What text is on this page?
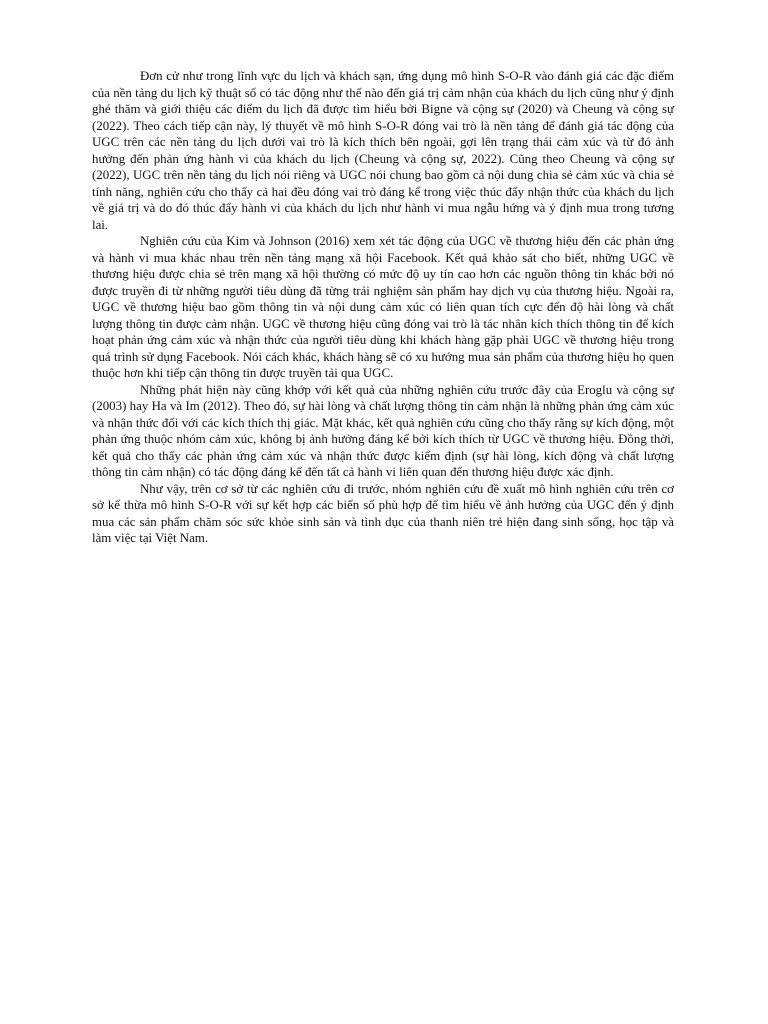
Đơn cử như trong lĩnh vực du lịch và khách sạn, ứng dụng mô hình S-O-R vào đánh giá các đặc điểm của nền tảng du lịch kỹ thuật số có tác động như thế nào đến giá trị cảm nhận của khách du lịch cũng như ý định ghé thăm và giới thiệu các điểm du lịch đã được tìm hiểu bởi Bigne và cộng sự (2020) và Cheung và cộng sự (2022). Theo cách tiếp cận này, lý thuyết về mô hình S-O-R đóng vai trò là nền tảng để đánh giá tác động của UGC trên các nền tảng du lịch dưới vai trò là kích thích bên ngoài, gợi lên trạng thái cảm xúc và từ đó ảnh hưởng đến phản ứng hành vi của khách du lịch (Cheung và cộng sự, 2022). Cũng theo Cheung và cộng sự (2022), UGC trên nền tảng du lịch nói riêng và UGC nói chung bao gồm cả nội dung chia sẻ cảm xúc và chia sẻ tính năng, nghiên cứu cho thấy cả hai đều đóng vai trò đáng kể trong việc thúc đẩy nhận thức của khách du lịch về giá trị và do đó thúc đẩy hành vi của khách du lịch như hành vi mua ngẫu hứng và ý định mua trong tương lai.

Nghiên cứu của Kim và Johnson (2016) xem xét tác động của UGC về thương hiệu đến các phản ứng và hành vi mua khác nhau trên nền tảng mạng xã hội Facebook. Kết quả khảo sát cho biết, những UGC về thương hiệu được chia sẻ trên mạng xã hội thường có mức độ uy tín cao hơn các nguồn thông tin khác bởi nó được truyền đi từ những người tiêu dùng đã từng trải nghiệm sản phẩm hay dịch vụ của thương hiệu. Ngoài ra, UGC về thương hiệu bao gồm thông tin và nội dung cảm xúc có liên quan tích cực đến độ hài lòng và chất lượng thông tin được cảm nhận. UGC về thương hiệu cũng đóng vai trò là tác nhân kích thích thông tin để kích hoạt phản ứng cảm xúc và nhận thức của người tiêu dùng khi khách hàng gặp phải UGC về thương hiệu trong quá trình sử dụng Facebook. Nói cách khác, khách hàng sẽ có xu hướng mua sản phẩm của thương hiệu họ quen thuộc hơn khi tiếp cận thông tin được truyền tải qua UGC.

Những phát hiện này cũng khớp với kết quả của những nghiên cứu trước đây của Eroglu và cộng sự (2003) hay Ha và Im (2012). Theo đó, sự hài lòng và chất lượng thông tin cảm nhận là những phản ứng cảm xúc và nhận thức đối với các kích thích thị giác. Mặt khác, kết quả nghiên cứu cũng cho thấy rằng sự kích động, một phản ứng thuộc nhóm cảm xúc, không bị ảnh hưởng đáng kể bởi kích thích từ UGC về thương hiệu. Đồng thời, kết quả cho thấy các phản ứng cảm xúc và nhận thức được kiểm định (sự hài lòng, kích động và chất lượng thông tin cảm nhận) có tác động đáng kể đến tất cả hành vi liên quan đến thương hiệu được xác định.

Như vậy, trên cơ sở từ các nghiên cứu đi trước, nhóm nghiên cứu đề xuất mô hình nghiên cứu trên cơ sở kế thừa mô hình S-O-R với sự kết hợp các biến số phù hợp để tìm hiểu về ảnh hưởng của UGC đến ý định mua các sản phẩm chăm sóc sức khỏe sinh sản và tình dục của thanh niên trẻ hiện đang sinh sống, học tập và làm việc tại Việt Nam.
